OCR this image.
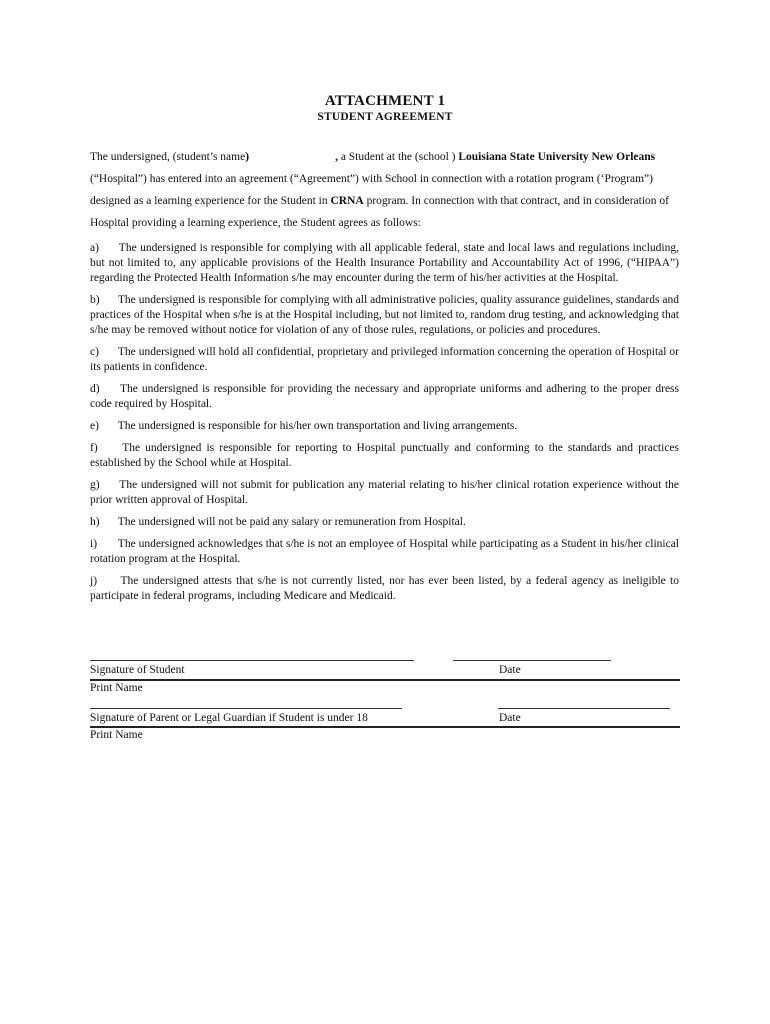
ATTACHMENT 1
STUDENT AGREEMENT
The undersigned, (student’s name)	, a Student at the (school ) Louisiana State University New Orleans (“Hospital”) has entered into an agreement (“Agreement”) with School in connection with a rotation program (‘Program”) designed as a learning experience for the Student in CRNA program. In connection with that contract, and in consideration of Hospital providing a learning experience, the Student agrees as follows:
a) The undersigned is responsible for complying with all applicable federal, state and local laws and regulations including, but not limited to, any applicable provisions of the Health Insurance Portability and Accountability Act of 1996, (“HIPAA”) regarding the Protected Health Information s/he may encounter during the term of his/her activities at the Hospital.
b) The undersigned is responsible for complying with all administrative policies, quality assurance guidelines, standards and practices of the Hospital when s/he is at the Hospital including, but not limited to, random drug testing, and acknowledging that s/he may be removed without notice for violation of any of those rules, regulations, or policies and procedures.
c) The undersigned will hold all confidential, proprietary and privileged information concerning the operation of Hospital or its patients in confidence.
d) The undersigned is responsible for providing the necessary and appropriate uniforms and adhering to the proper dress code required by Hospital.
e) The undersigned is responsible for his/her own transportation and living arrangements.
f) The undersigned is responsible for reporting to Hospital punctually and conforming to the standards and practices established by the School while at Hospital.
g) The undersigned will not submit for publication any material relating to his/her clinical rotation experience without the prior written approval of Hospital.
h) The undersigned will not be paid any salary or remuneration from Hospital.
i) The undersigned acknowledges that s/he is not an employee of Hospital while participating as a Student in his/her clinical rotation program at the Hospital.
j) The undersigned attests that s/he is not currently listed, nor has ever been listed, by a federal agency as ineligible to participate in federal programs, including Medicare and Medicaid.
Signature of Student	Date
Print Name
Signature of Parent or Legal Guardian if Student is under 18	Date
Print Name
